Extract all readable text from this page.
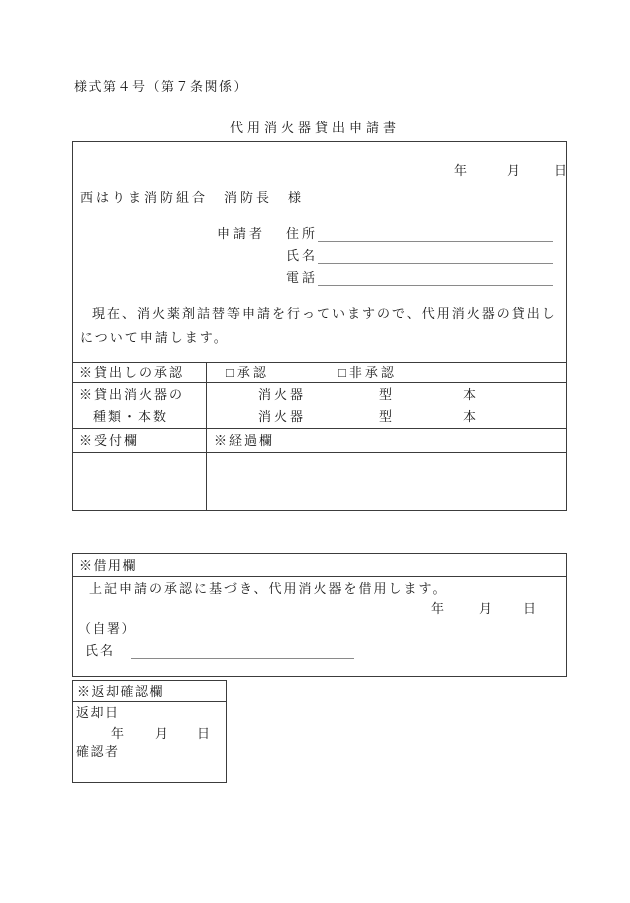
様式第４号（第７条関係）
代用消火器貸出申請書
年	月	日
西はりま消防組合　消防長　様
申請者 住所
氏名
電話
現在、消火薬剤詰替等申請を行っていますので、代用消火器の貸出し
について申請します。
※貸出しの承認	□承認	□非承認
※貸出消火器の
種類・本数
消火器	型	本
消火器	型	本
※受付欄	※経過欄
※借用欄
上記申請の承認に基づき、代用消火器を借用します。
年	月 日
（自署）
氏名
※返却確認欄
返却日
年 月 日
確認者
